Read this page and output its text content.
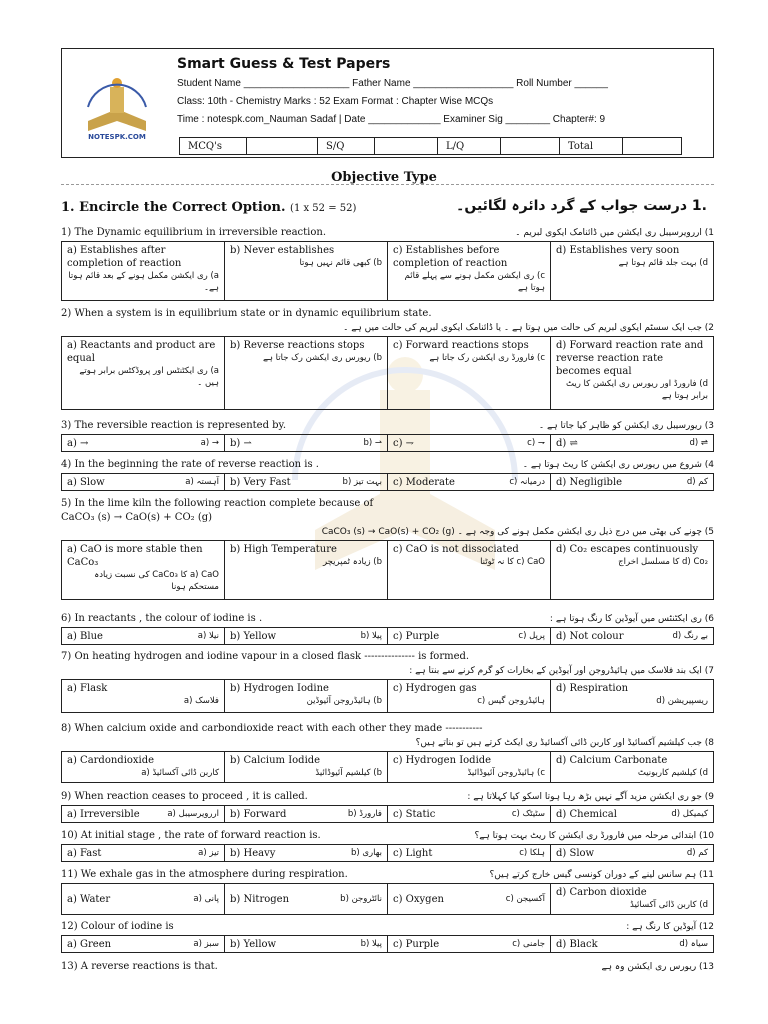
NOTESPK.COM
Smart Guess & Test Papers
Student Name ___________________ Father Name __________________ Roll Number ______
Class: 10th - Chemistry Marks : 52 Exam Format : Chapter Wise MCQs
Time : notespk.com_Nauman Sadaf | Date _____________ Examiner Sig ________ Chapter#: 9
MCQ's	S/Q	L/Q	Total
Objective Type
1. Encircle the Correct Option. (1 x 52 = 52)	.1 درست جواب کے گرد دائرہ لگائیں۔
1) The Dynamic equilibrium in irreversible reaction.	1) اررویرسیبل ری ایکشن میں ڈائنامک ایکوی لبریم ۔
a) Establishes after completion of reaction
a) ری ایکشن مکمل ہونے کے بعد قائم ہوتا ہے۔
b) Never establishes
b) کبھی قائم نہیں ہوتا
c) Establishes before completion of reaction
c) ری ایکشن مکمل ہونے سے پہلے قائم ہوتا ہے
d) Establishes very soon
d) بہت جلد قائم ہوتا ہے
2) When a system is in equilibrium state or in dynamic equilibrium state.
2) جب ایک سسٹم ایکوی لبریم کی حالت میں ہوتا ہے ۔ یا ڈائنامک ایکوی لبریم کی حالت میں ہے ۔
a) Reactants and product are equal
a) ری ایکٹنٹس اور پروڈکٹس برابر ہوتے ہیں ۔
b) Reverse reactions stops
b) ریورس ری ایکشن رک جاتا ہے
c) Forward reactions stops
c) فارورڈ ری ایکشن رک جاتا ہے
d) Forward reaction rate and reverse reaction rate becomes equal
d) فارورڈ اور ریورس ری ایکشن کا ریٹ برابر ہوتا ہے
3) The reversible reaction is represented by.	3) ریورسیبل ری ایکشن کو ظاہر کیا جاتا ہے ۔
a) →	→ (a b) ⇀	⇀ (b c) ⇁	⇁ (c d) ⇌	⇌ (d
4) In the beginning the rate of reverse reaction is .	4) شروع میں ریورس ری ایکشن کا ریٹ ہوتا ہے ۔
a) Slow	آہستہ (a b) Very Fast	بہت تیز (b c) Moderate	درمیانہ (c d) Negligible	کم (d
5) In the lime kiln the following reaction complete because of
CaCO₃ (s) → CaO(s) + CO₂ (g)
5) چونے کی بھٹی میں درج ذیل ری ایکشن مکمل ہونے کی وجہ ہے ۔ CaCO₃ (s) → CaO(s) + CO₂ (g)
a) CaO is more stable then CaCo₃
a) CaO کا CaCo₃ کی نسبت زیادہ مستحکم ہونا
b) High Temperature
b) زیادہ ٹمپریچر
c) CaO is not dissociated
c) CaO کا نہ ٹوٹنا
d) Co₂ escapes continuously
d) Co₂ کا مسلسل اخراج
6) In reactants , the colour of iodine is .	6) ری ایکٹنٹس میں آیوڈین کا رنگ ہوتا ہے :
a) Blue	نیلا (a b) Yellow	پیلا (b c) Purple	پرپل (c d) Not colour	بے رنگ (d
7) On heating hydrogen and iodine vapour in a closed flask --------------- is formed.
7) ایک بند فلاسک میں ہائیڈروجن اور آیوڈین کے بخارات کو گرم کرنے سے بنتا ہے :
a) Flask
فلاسک (a
b) Hydrogen Iodine
b) ہائیڈروجن آئیوڈین
c) Hydrogen gas
ہائیڈروجن گیس (c
d) Respiration
ریسپیریشن (d
8) When calcium oxide and carbondioxide react with each other they made -----------
8) جب کیلشیم آکسائیڈ اور کاربن ڈائی آکسائیڈ ری ایکٹ کرتے ہیں تو بناتے ہیں؟
a) Cardondioxide
کاربن ڈائی آکسائیڈ (a
b) Calcium Iodide
b) کیلشیم آئیوڈائیڈ
c) Hydrogen Iodide
c) ہائیڈروجن آئیوڈائیڈ
d) Calcium Carbonate
d) کیلشیم کاربونیٹ
9) When reaction ceases to proceed , it is called.	9) جو ری ایکشن مزید آگے نہیں بڑھ رہا ہوتا اسکو کیا کہلاتا ہے :
a) Irreversible	اررویرسیبل (a b) Forward	فارورڈ (b c) Static	سٹیٹک (c d) Chemical	کیمیکل (d
10) At initial stage , the rate of forward reaction is.	10) ابتدائی مرحلہ میں فارورڈ ری ایکشن کا ریٹ بہت ہوتا ہے؟
a) Fast	تیز (a b) Heavy	بھاری (b c) Light	ہلکا (c d) Slow	کم (d
11) We exhale gas in the atmosphere during respiration.	11) ہم سانس لینے کے دوران کونسی گیس خارج کرتے ہیں؟
a) Water	پانی (a b) Nitrogen	نائٹروجن (b c) Oxygen	آکسیجن (c
d) Carbon dioxide
d) کاربن ڈائی آکسائیڈ
12) Colour of iodine is	12) آیوڈین کا رنگ ہے :
a) Green	سبز (a b) Yellow	پیلا (b c) Purple	جامنی (c d) Black	سیاہ (d
13) A reverse reactions is that.	13) ریورس ری ایکشن وہ ہے
